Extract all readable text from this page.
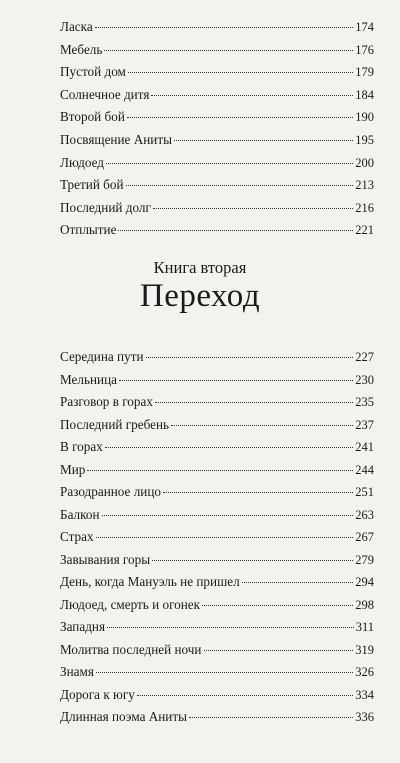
Ласка	174
Мебель	176
Пустой дом	179
Солнечное дитя	184
Второй бой	190
Посвящение Аниты	195
Людоед	200
Третий бой	213
Последний долг	216
Отплытие	221
Книга вторая
Переход
Середина пути	227
Мельница	230
Разговор в горах	235
Последний гребень	237
В горах	241
Мир	244
Разодранное лицо	251
Балкон	263
Страх	267
Завывания горы	279
День, когда Мануэль не пришел	294
Людоед, смерть и огонек	298
Западня	311
Молитва последней ночи	319
Знамя	326
Дорога к югу	334
Длинная поэма Аниты	336
